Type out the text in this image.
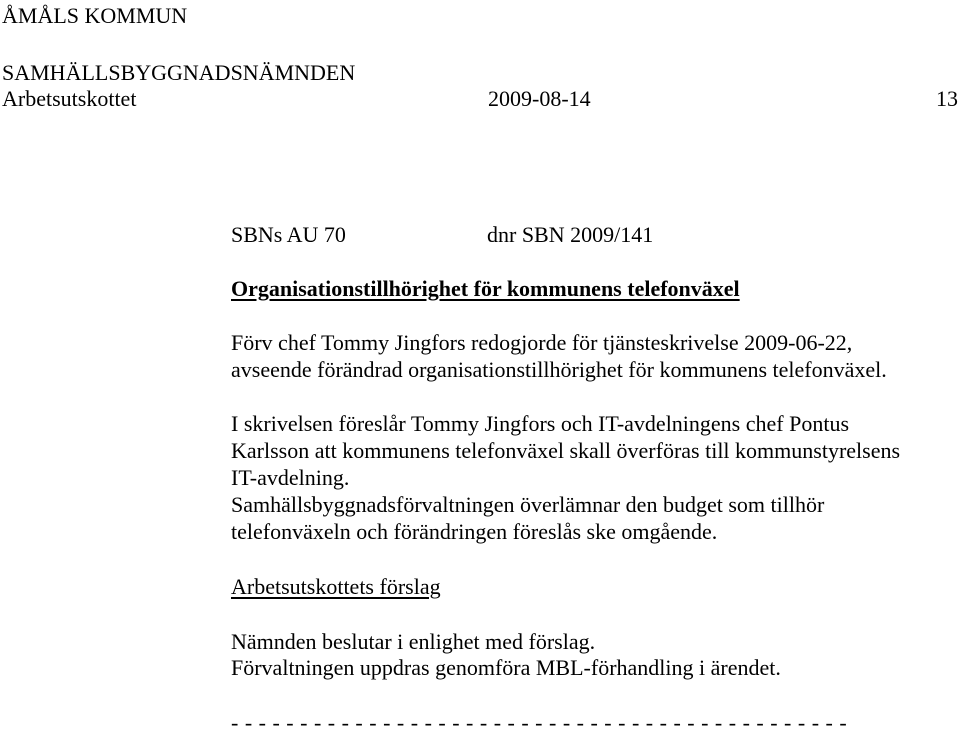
ÅMÅLS KOMMUN
SAMHÄLLSBYGGNADSNÄMNDEN
Arbetsutskottet	2009-08-14	13
SBNs AU 70	dnr SBN 2009/141
Organisationstillhörighet för kommunens telefonväxel
Förv chef Tommy Jingfors redogjorde för tjänsteskrivelse 2009-06-22,
avseende förändrad organisationstillhörighet för kommunens telefonväxel.
I skrivelsen föreslår Tommy Jingfors och IT-avdelningens chef Pontus
Karlsson att kommunens telefonväxel skall överföras till kommunstyrelsens
IT-avdelning.
Samhällsbyggnadsförvaltningen överlämnar den budget som tillhör
telefonväxeln och förändringen föreslås ske omgående.
Arbetsutskottets förslag
Nämnden beslutar i enlighet med förslag.
Förvaltningen uppdras genomföra MBL-förhandling i ärendet.
- - - - - - - - - - - - - - - - - - - - - - - - - - - - - - - - - - - - - - - - - - - - -
